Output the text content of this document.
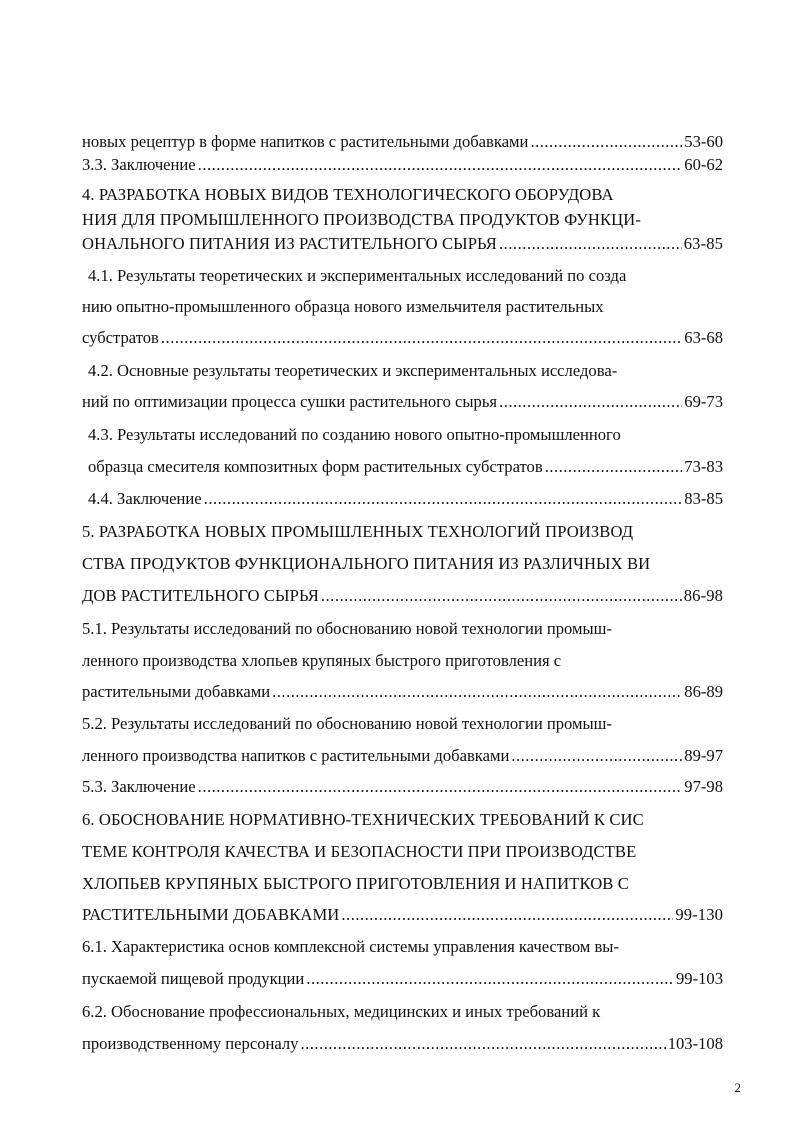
новых рецептур в форме напитков с растительными добавками .....	53-60
3.3. Заключение .....	60-62
4. РАЗРАБОТКА НОВЫХ ВИДОВ ТЕХНОЛОГИЧЕСКОГО ОБОРУДОВА
НИЯ ДЛЯ ПРОМЫШЛЕННОГО ПРОИЗВОДСТВА ПРОДУКТОВ ФУНКЦИ-
ОНАЛЬНОГО ПИТАНИЯ ИЗ РАСТИТЕЛЬНОГО СЫРЬЯ .....	63-85
4.1. Результаты теоретических и экспериментальных исследований по созда
нию опытно-промышленного образца нового измельчителя растительных
субстратов .....	63-68
4.2. Основные результаты теоретических и экспериментальных исследова-
ний по оптимизации процесса сушки растительного сырья .....	69-73
4.3. Результаты исследований по созданию нового опытно-промышленного
образца смесителя композитных форм растительных субстратов .....	73-83
4.4. Заключение .....	83-85
5. РАЗРАБОТКА НОВЫХ ПРОМЫШЛЕННЫХ ТЕХНОЛОГИЙ ПРОИЗВОД
СТВА ПРОДУКТОВ ФУНКЦИОНАЛЬНОГО ПИТАНИЯ ИЗ РАЗЛИЧНЫХ ВИ
ДОВ РАСТИТЕЛЬНОГО СЫРЬЯ .....	86-98
5.1. Результаты исследований по обоснованию новой технологии промыш-
ленного производства хлопьев крупяных быстрого приготовления с
растительными добавками .....	86-89
5.2. Результаты исследований по обоснованию новой технологии промыш-
ленного производства напитков с растительными добавками .....	89-97
5.3. Заключение .....	97-98
6. ОБОСНОВАНИЕ НОРМАТИВНО-ТЕХНИЧЕСКИХ ТРЕБОВАНИЙ К СИС
ТЕМЕ КОНТРОЛЯ КАЧЕСТВА И БЕЗОПАСНОСТИ ПРИ ПРОИЗВОДСТВЕ
ХЛОПЬЕВ КРУПЯНЫХ БЫСТРОГО ПРИГОТОВЛЕНИЯ И НАПИТКОВ С
РАСТИТЕЛЬНЫМИ ДОБАВКАМИ .....	99-130
6.1. Характеристика основ комплексной системы управления качеством вы-
пускаемой пищевой продукции .....	99-103
6.2. Обоснование профессиональных, медицинских и иных требований к
производственному персоналу .....	103-108
2
